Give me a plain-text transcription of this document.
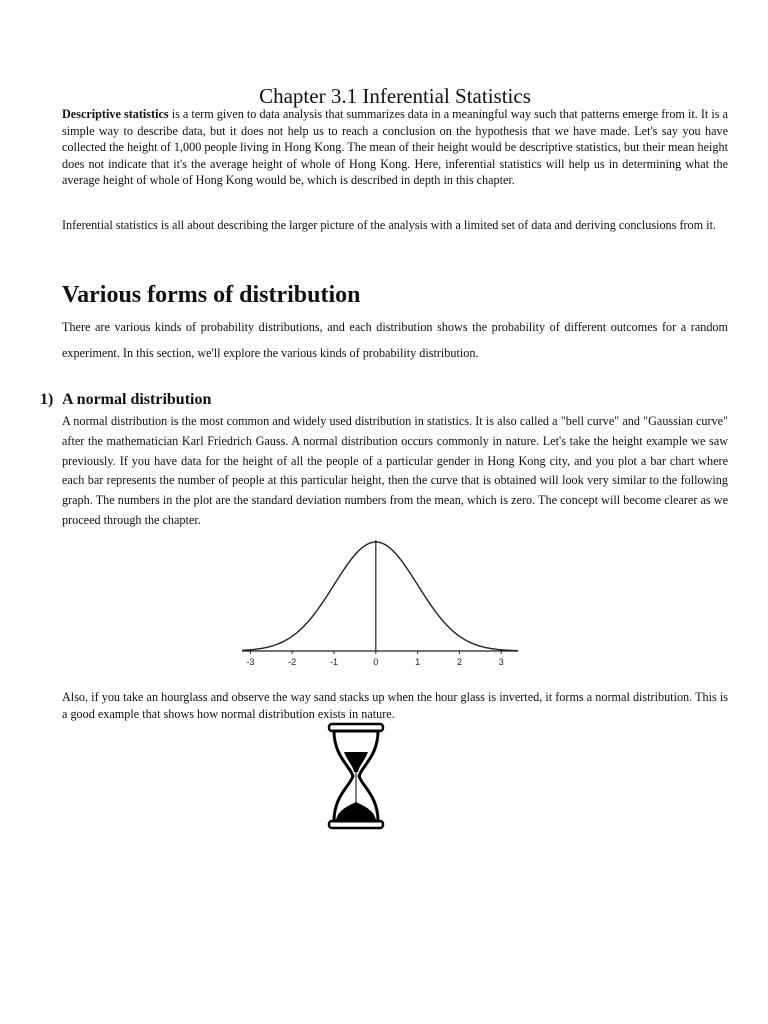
Chapter 3.1 Inferential Statistics

Descriptive statistics is a term given to data analysis that summarizes data in a meaningful way such that patterns emerge from it. It is a simple way to describe data, but it does not help us to reach a conclusion on the hypothesis that we have made. Let's say you have collected the height of 1,000 people living in Hong Kong. The mean of their height would be descriptive statistics, but their mean height does not indicate that it's the average height of whole of Hong Kong. Here, inferential statistics will help us in determining what the average height of whole of Hong Kong would be, which is described in depth in this chapter.

Inferential statistics is all about describing the larger picture of the analysis with a limited set of data and deriving conclusions from it.

Various forms of distribution

There are various kinds of probability distributions, and each distribution shows the probability of different outcomes for a random experiment. In this section, we'll explore the various kinds of probability distribution.

1) A normal distribution

A normal distribution is the most common and widely used distribution in statistics. It is also called a "bell curve" and "Gaussian curve" after the mathematician Karl Friedrich Gauss. A normal distribution occurs commonly in nature. Let's take the height example we saw previously. If you have data for the height of all the people of a particular gender in Hong Kong city, and you plot a bar chart where each bar represents the number of people at this particular height, then the curve that is obtained will look very similar to the following graph. The numbers in the plot are the standard deviation numbers from the mean, which is zero. The concept will become clearer as we proceed through the chapter.

-3	-2	-1	0	1	2	3

Also, if you take an hourglass and observe the way sand stacks up when the hour glass is inverted, it forms a normal distribution. This is a good example that shows how normal distribution exists in nature.
